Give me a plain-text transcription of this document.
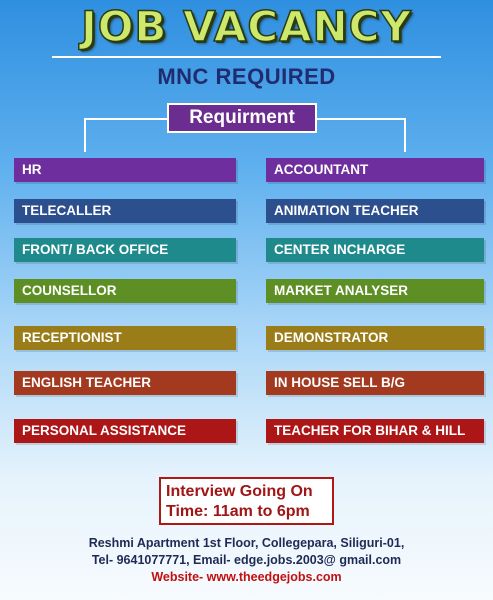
JOB VACANCY
MNC REQUIRED
Requirment
HR
TELECALLER
FRONT/ BACK OFFICE
COUNSELLOR
RECEPTIONIST
ENGLISH TEACHER
PERSONAL ASSISTANCE
ACCOUNTANT
ANIMATION TEACHER
CENTER INCHARGE
MARKET ANALYSER
DEMONSTRATOR
IN HOUSE SELL B/G
TEACHER FOR BIHAR & HILL
Interview Going On
Time: 11am to 6pm
Reshmi Apartment 1st Floor, Collegepara, Siliguri-01,
Tel- 9641077771, Email- edge.jobs.2003@ gmail.com
Website- www.theedgejobs.com
